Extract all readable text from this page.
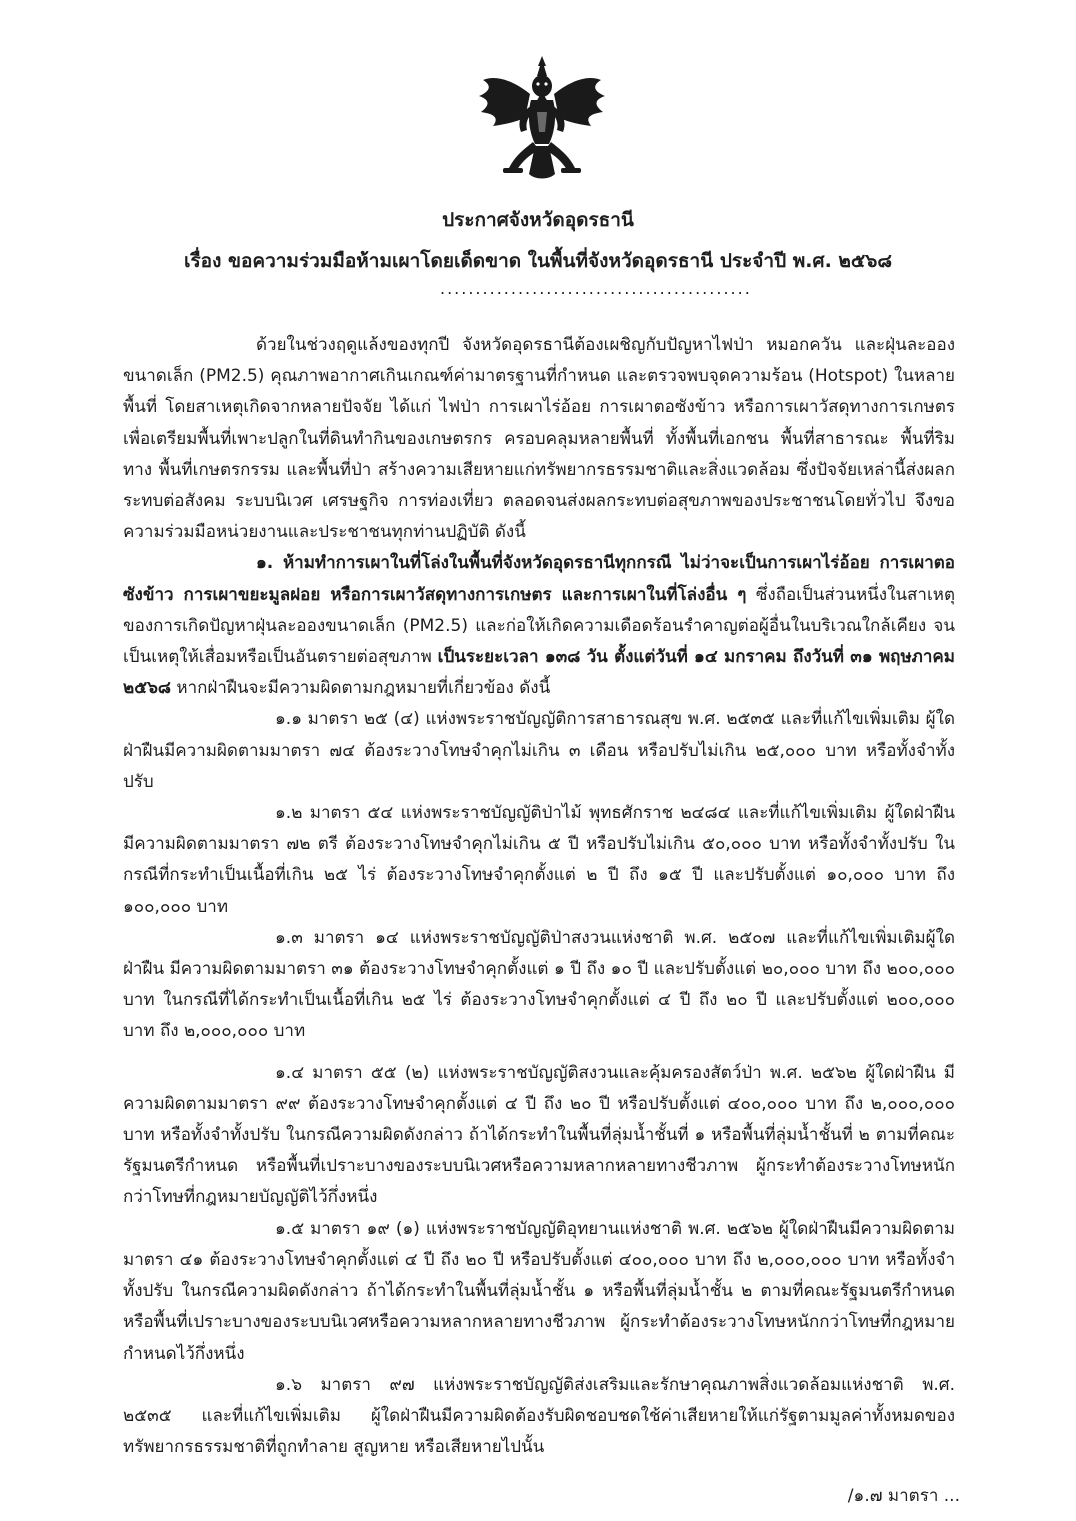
ประกาศจังหวัดอุดรธานี
เรื่อง ขอความร่วมมือห้ามเผาโดยเด็ดขาด ในพื้นที่จังหวัดอุดรธานี ประจำปี พ.ศ. ๒๕๖๘
............................................

ด้วยในช่วงฤดูแล้งของทุกปี จังหวัดอุดรธานีต้องเผชิญกับปัญหาไฟป่า หมอกควัน และฝุ่นละอองขนาดเล็ก (PM2.5) คุณภาพอากาศเกินเกณฑ์ค่ามาตรฐานที่กำหนด และตรวจพบจุดความร้อน (Hotspot) ในหลายพื้นที่ โดยสาเหตุเกิดจากหลายปัจจัย ได้แก่ ไฟป่า การเผาไร่อ้อย การเผาตอซังข้าว หรือการเผาวัสดุทางการเกษตรเพื่อเตรียมพื้นที่เพาะปลูกในที่ดินทำกินของเกษตรกร ครอบคลุมหลายพื้นที่ ทั้งพื้นที่เอกชน พื้นที่สาธารณะ พื้นที่ริมทาง พื้นที่เกษตรกรรม และพื้นที่ป่า สร้างความเสียหายแก่ทรัพยากรธรรมชาติและสิ่งแวดล้อม ซึ่งปัจจัยเหล่านี้ส่งผลกระทบต่อสังคม ระบบนิเวศ เศรษฐกิจ การท่องเที่ยว ตลอดจนส่งผลกระทบต่อสุขภาพของประชาชนโดยทั่วไป จึงขอความร่วมมือหน่วยงานและประชาชนทุกท่านปฏิบัติ ดังนี้

๑. ห้ามทำการเผาในที่โล่งในพื้นที่จังหวัดอุดรธานีทุกกรณี ไม่ว่าจะเป็นการเผาไร่อ้อย การเผาตอซังข้าว การเผาขยะมูลฝอย หรือการเผาวัสดุทางการเกษตร และการเผาในที่โล่งอื่น ๆ ซึ่งถือเป็นส่วนหนึ่งในสาเหตุของการเกิดปัญหาฝุ่นละอองขนาดเล็ก (PM2.5) และก่อให้เกิดความเดือดร้อนรำคาญต่อผู้อื่นในบริเวณใกล้เคียง จนเป็นเหตุให้เสื่อมหรือเป็นอันตรายต่อสุขภาพ เป็นระยะเวลา ๑๓๘ วัน ตั้งแต่วันที่ ๑๔ มกราคม ถึงวันที่ ๓๑ พฤษภาคม ๒๕๖๘ หากฝ่าฝืนจะมีความผิดตามกฎหมายที่เกี่ยวข้อง ดังนี้

๑.๑ มาตรา ๒๕ (๔) แห่งพระราชบัญญัติการสาธารณสุข พ.ศ. ๒๕๓๕ และที่แก้ไขเพิ่มเติม ผู้ใดฝ่าฝืนมีความผิดตามมาตรา ๗๔ ต้องระวางโทษจำคุกไม่เกิน ๓ เดือน หรือปรับไม่เกิน ๒๕,๐๐๐ บาท หรือทั้งจำทั้งปรับ

๑.๒ มาตรา ๕๔ แห่งพระราชบัญญัติป่าไม้ พุทธศักราช ๒๔๘๔ และที่แก้ไขเพิ่มเติม ผู้ใดฝ่าฝืน มีความผิดตามมาตรา ๗๒ ตรี ต้องระวางโทษจำคุกไม่เกิน ๕ ปี หรือปรับไม่เกิน ๕๐,๐๐๐ บาท หรือทั้งจำทั้งปรับ ในกรณีที่กระทำเป็นเนื้อที่เกิน ๒๕ ไร่ ต้องระวางโทษจำคุกตั้งแต่ ๒ ปี ถึง ๑๕ ปี และปรับตั้งแต่ ๑๐,๐๐๐ บาท ถึง ๑๐๐,๐๐๐ บาท

๑.๓ มาตรา ๑๔ แห่งพระราชบัญญัติป่าสงวนแห่งชาติ พ.ศ. ๒๕๐๗ และที่แก้ไขเพิ่มเติมผู้ใดฝ่าฝืน มีความผิดตามมาตรา ๓๑ ต้องระวางโทษจำคุกตั้งแต่ ๑ ปี ถึง ๑๐ ปี และปรับตั้งแต่ ๒๐,๐๐๐ บาท ถึง ๒๐๐,๐๐๐ บาท ในกรณีที่ได้กระทำเป็นเนื้อที่เกิน ๒๕ ไร่ ต้องระวางโทษจำคุกตั้งแต่ ๔ ปี ถึง ๒๐ ปี และปรับตั้งแต่ ๒๐๐,๐๐๐ บาท ถึง ๒,๐๐๐,๐๐๐ บาท

๑.๔ มาตรา ๕๕ (๒) แห่งพระราชบัญญัติสงวนและคุ้มครองสัตว์ป่า พ.ศ. ๒๕๖๒ ผู้ใดฝ่าฝืน มีความผิดตามมาตรา ๙๙ ต้องระวางโทษจำคุกตั้งแต่ ๔ ปี ถึง ๒๐ ปี หรือปรับตั้งแต่ ๔๐๐,๐๐๐ บาท ถึง ๒,๐๐๐,๐๐๐ บาท หรือทั้งจำทั้งปรับ ในกรณีความผิดดังกล่าว ถ้าได้กระทำในพื้นที่ลุ่มน้ำชั้นที่ ๑ หรือพื้นที่ลุ่มน้ำชั้นที่ ๒ ตามที่คณะรัฐมนตรีกำหนด หรือพื้นที่เปราะบางของระบบนิเวศหรือความหลากหลายทางชีวภาพ ผู้กระทำต้องระวางโทษหนักกว่าโทษที่กฎหมายบัญญัติไว้กึ่งหนึ่ง

๑.๕ มาตรา ๑๙ (๑) แห่งพระราชบัญญัติอุทยานแห่งชาติ พ.ศ. ๒๕๖๒ ผู้ใดฝ่าฝืนมีความผิดตามมาตรา ๔๑ ต้องระวางโทษจำคุกตั้งแต่ ๔ ปี ถึง ๒๐ ปี หรือปรับตั้งแต่ ๔๐๐,๐๐๐ บาท ถึง ๒,๐๐๐,๐๐๐ บาท หรือทั้งจำทั้งปรับ ในกรณีความผิดดังกล่าว ถ้าได้กระทำในพื้นที่ลุ่มน้ำชั้น ๑ หรือพื้นที่ลุ่มน้ำชั้น ๒ ตามที่คณะรัฐมนตรีกำหนด หรือพื้นที่เปราะบางของระบบนิเวศหรือความหลากหลายทางชีวภาพ ผู้กระทำต้องระวางโทษหนักกว่าโทษที่กฎหมายกำหนดไว้กึ่งหนึ่ง

๑.๖ มาตรา ๙๗ แห่งพระราชบัญญัติส่งเสริมและรักษาคุณภาพสิ่งแวดล้อมแห่งชาติ พ.ศ. ๒๕๓๕ และที่แก้ไขเพิ่มเติม ผู้ใดฝ่าฝืนมีความผิดต้องรับผิดชอบชดใช้ค่าเสียหายให้แก่รัฐตามมูลค่าทั้งหมดของทรัพยากรธรรมชาติที่ถูกทำลาย สูญหาย หรือเสียหายไปนั้น

/๑.๗ มาตรา ...
